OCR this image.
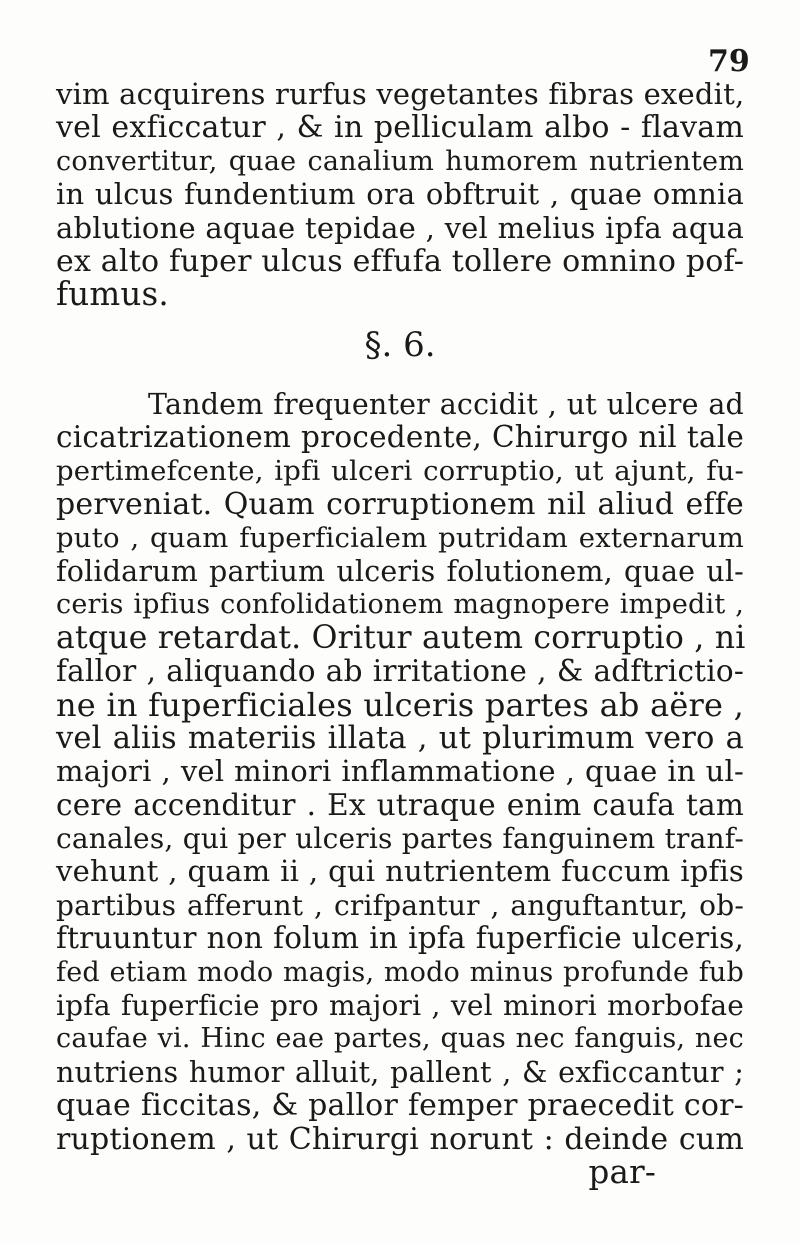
79
vim acquirens rurfus vegetantes fibras exedit,
vel exficcatur , & in pelliculam albo - flavam
convertitur, quae canalium humorem nutrientem
in ulcus fundentium ora obftruit , quae omnia
ablutione aquae tepidae , vel melius ipfa aqua
ex alto fuper ulcus effufa tollere omnino pof-
fumus.
§. 6.
Tandem frequenter accidit , ut ulcere ad
cicatrizationem procedente, Chirurgo nil tale
pertimefcente, ipfi ulceri corruptio, ut ajunt, fu-
perveniat. Quam corruptionem nil aliud effe
puto , quam fuperficialem putridam externarum
folidarum partium ulceris folutionem, quae ul-
ceris ipfius confolidationem magnopere impedit ,
atque retardat. Oritur autem corruptio , ni
fallor , aliquando ab irritatione , & adftrictio-
ne in fuperficiales ulceris partes ab aëre ,
vel aliis materiis illata , ut plurimum vero a
majori , vel minori inflammatione , quae in ul-
cere accenditur . Ex utraque enim caufa tam
canales, qui per ulceris partes fanguinem tranf-
vehunt , quam ii , qui nutrientem fuccum ipfis
partibus afferunt , crifpantur , anguftantur, ob-
ftruuntur non folum in ipfa fuperficie ulceris,
fed etiam modo magis, modo minus profunde fub
ipfa fuperficie pro majori , vel minori morbofae
caufae vi. Hinc eae partes, quas nec fanguis, nec
nutriens humor alluit, pallent , & exficcantur ;
quae ficcitas, & pallor femper praecedit cor-
ruptionem , ut Chirurgi norunt : deinde cum
par-
